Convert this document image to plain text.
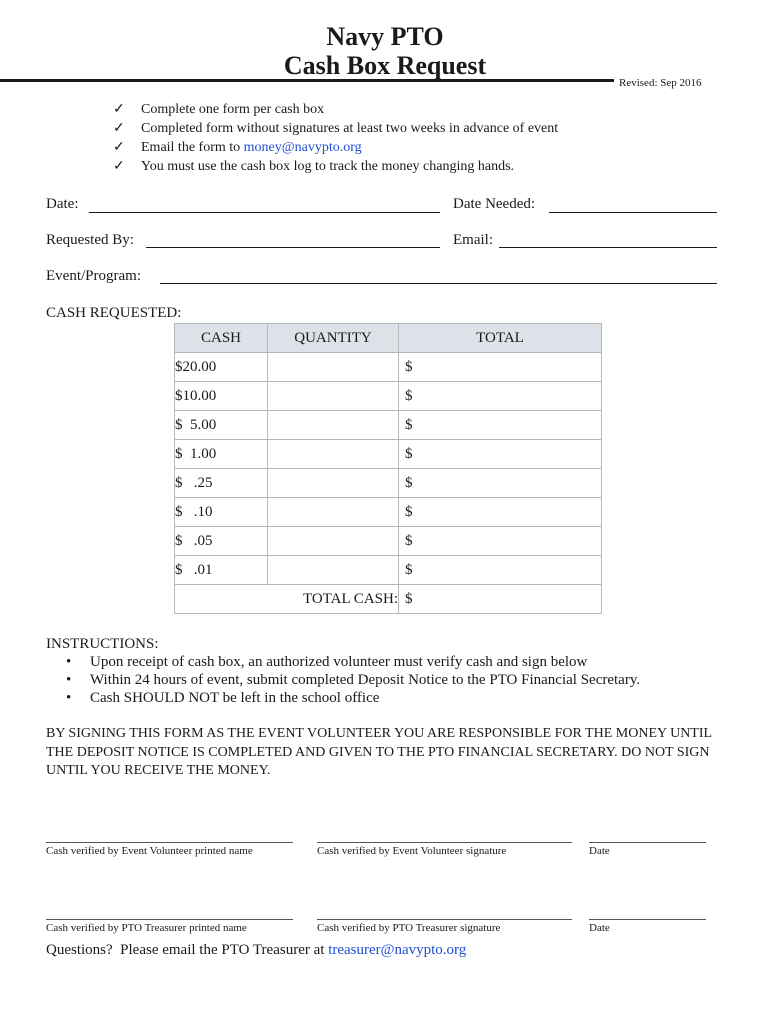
Navy PTO
Cash Box Request
Revised: Sep 2016
✓ Complete one form per cash box
✓ Completed form without signatures at least two weeks in advance of event
✓ Email the form to money@navypto.org
✓ You must use the cash box log to track the money changing hands.
Date:	Date Needed:
Requested By:	Email:
Event/Program:
CASH REQUESTED:
CASH	QUANTITY	TOTAL
$20.00		$
$10.00		$
$  5.00		$
$  1.00		$
$   .25		$
$   .10		$
$   .05		$
$   .01		$
TOTAL CASH:		$
INSTRUCTIONS:
• Upon receipt of cash box, an authorized volunteer must verify cash and sign below
• Within 24 hours of event, submit completed Deposit Notice to the PTO Financial Secretary.
• Cash SHOULD NOT be left in the school office
BY SIGNING THIS FORM AS THE EVENT VOLUNTEER YOU ARE RESPONSIBLE FOR THE MONEY UNTIL THE DEPOSIT NOTICE IS COMPLETED AND GIVEN TO THE PTO FINANCIAL SECRETARY. DO NOT SIGN UNTIL YOU RECEIVE THE MONEY.
Cash verified by Event Volunteer printed name	Cash verified by Event Volunteer signature	Date
Cash verified by PTO Treasurer printed name	Cash verified by PTO Treasurer signature	Date
Questions?  Please email the PTO Treasurer at treasurer@navypto.org
